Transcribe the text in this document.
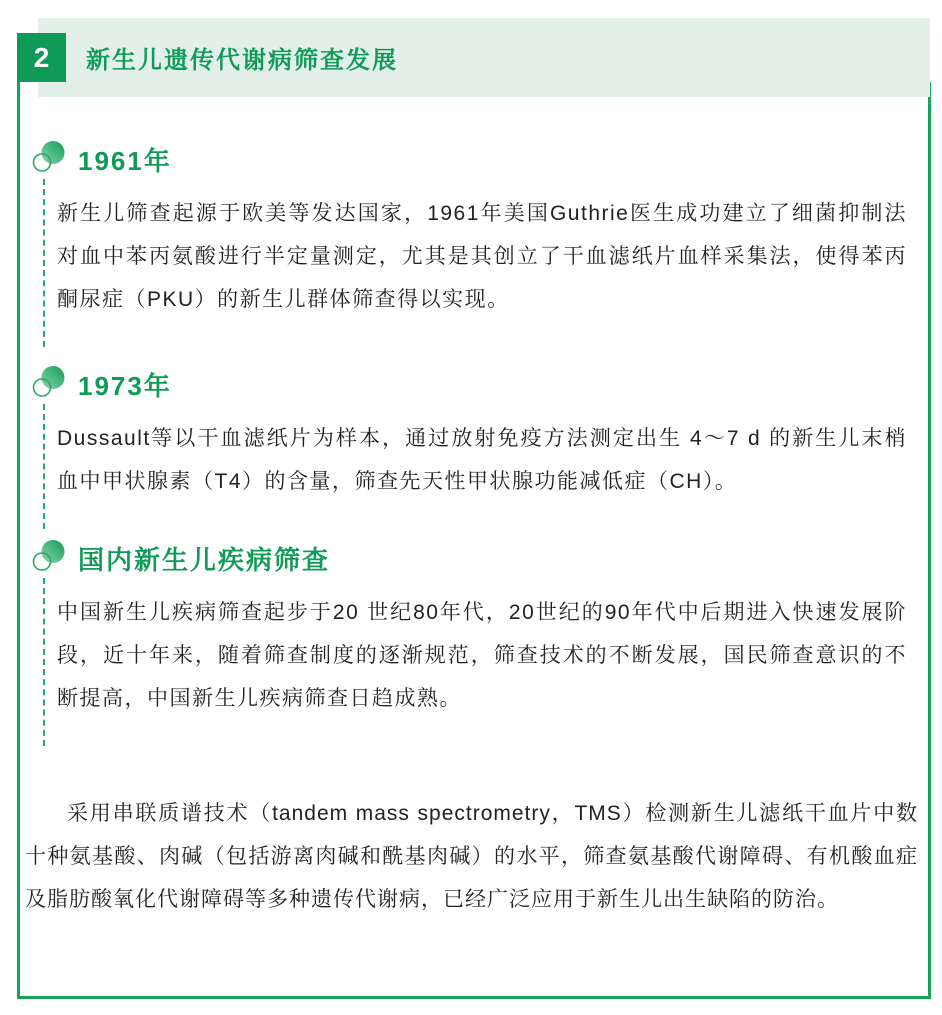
新生儿遗传代谢病筛查发展
2
1961年

新生儿筛查起源于欧美等发达国家，1961年美国Guthrie医生成功建立了细菌抑制法对血中苯丙氨酸进行半定量测定，尤其是其创立了干血滤纸片血样采集法，使得苯丙酮尿症（PKU）的新生儿群体筛查得以实现。

1973年

Dussault等以干血滤纸片为样本，通过放射免疫方法测定出生 4～7 d 的新生儿末梢血中甲状腺素（T4）的含量，筛查先天性甲状腺功能减低症（CH）。

国内新生儿疾病筛查

中国新生儿疾病筛查起步于20 世纪80年代，20世纪的90年代中后期进入快速发展阶段，近十年来，随着筛查制度的逐渐规范，筛查技术的不断发展，国民筛查意识的不断提高，中国新生儿疾病筛查日趋成熟。

采用串联质谱技术（tandem mass spectrometry，TMS）检测新生儿滤纸干血片中数十种氨基酸、肉碱（包括游离肉碱和酰基肉碱）的水平，筛查氨基酸代谢障碍、有机酸血症及脂肪酸氧化代谢障碍等多种遗传代谢病，已经广泛应用于新生儿出生缺陷的防治。
